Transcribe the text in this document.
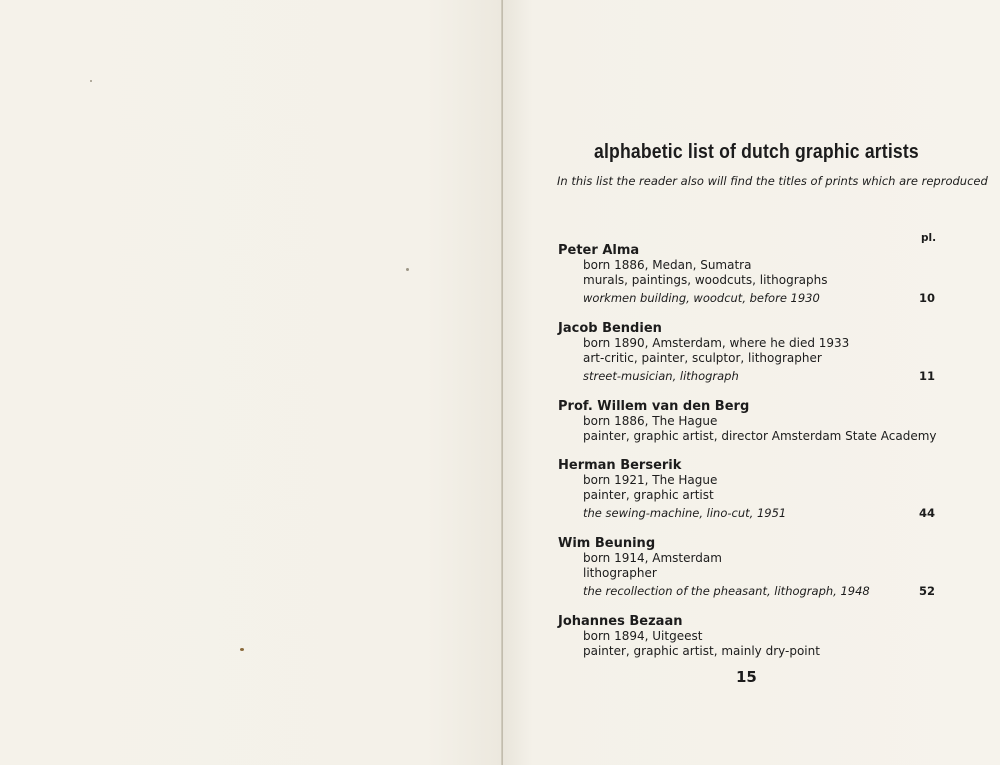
alphabetic list of dutch graphic artists
In this list the reader also will find the titles of prints which are reproduced
pl.
Peter Alma
born 1886, Medan, Sumatra
murals, paintings, woodcuts, lithographs
workmen building, woodcut, before 1930	10
Jacob Bendien
born 1890, Amsterdam, where he died 1933
art-critic, painter, sculptor, lithographer
street-musician, lithograph	11
Prof. Willem van den Berg
born 1886, The Hague
painter, graphic artist, director Amsterdam State Academy
Herman Berserik
born 1921, The Hague
painter, graphic artist
the sewing-machine, lino-cut, 1951	44
Wim Beuning
born 1914, Amsterdam
lithographer
the recollection of the pheasant, lithograph, 1948	52
Johannes Bezaan
born 1894, Uitgeest
painter, graphic artist, mainly dry-point
15
